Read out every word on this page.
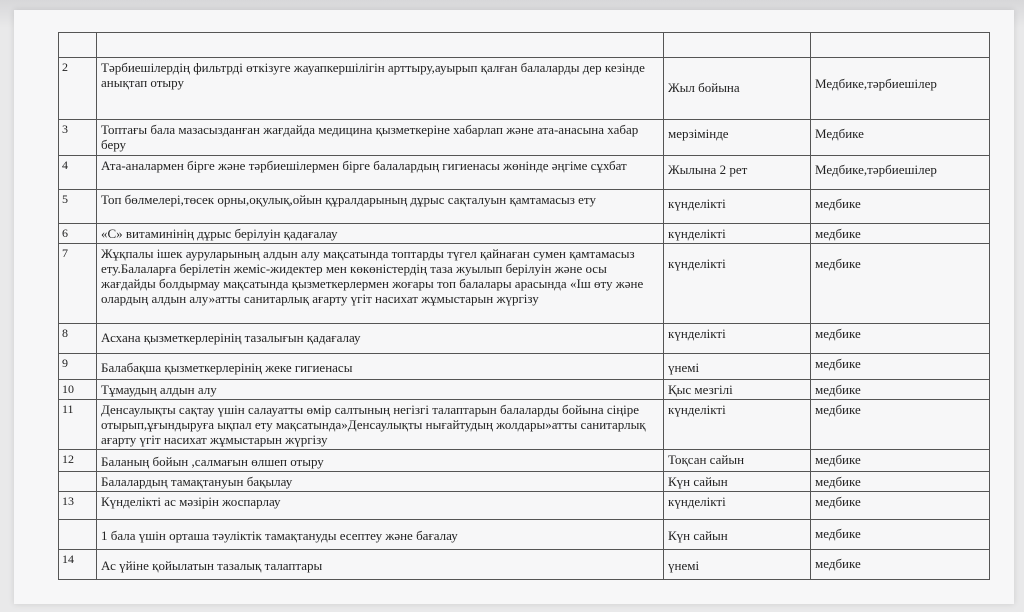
2	Тәрбиешілердің фильтрді өткізуге жауапкершілігін арттыру,ауырып қалған балаларды дер кезінде анықтап отыру	Жыл бойына	Медбике,тәрбиешілер
3	Топтағы бала мазасызданған жағдайда медицина қызметкеріне хабарлап және ата-анасына хабар беру	мерзімінде	Медбике
4	Ата-аналармен бірге және тәрбиешілермен бірге балалардың гигиенасы жөнінде әңгіме сұхбат	Жылына 2 рет	Медбике,тәрбиешілер
5	Топ бөлмелері,төсек орны,оқулық,ойын құралдарының дұрыс сақталуын қамтамасыз ету	күнделікті	медбике
6	«С» витаминінің дұрыс берілуін қадағалау	күнделікті	медбике
7	Жұқпалы ішек ауруларының алдын алу мақсатында топтарды түгел қайнаған сумен қамтамасыз ету.Балаларға берілетін жеміс-жидектер мен көкөністердің таза жуылып берілуін және осы жағдайды болдырмау мақсатында қызметкерлермен жоғары топ балалары арасында «Іш өту және олардың алдын алу»атты санитарлық ағарту үгіт насихат жұмыстарын жүргізу	күнделікті	медбике
8	Асхана қызметкерлерінің тазалығын қадағалау	күнделікті	медбике
9	Балабақша қызметкерлерінің жеке гигиенасы	үнемі	медбике
10	Тұмаудың алдын алу	Қыс мезгілі	медбике
11	Денсаулықты сақтау үшін салауатты өмір салтының негізгі талаптарын балаларды бойына сіңіре отырып,ұғындыруға ықпал ету мақсатында»Денсаулықты нығайтудың жолдары»атты санитарлық ағарту үгіт насихат жұмыстарын жүргізу	күнделікті	медбике
12	Баланың бойын ,салмағын өлшеп отыру	Тоқсан сайын	медбике
	Балалардың тамақтануын бақылау	Күн сайын	медбике
13	Күнделікті ас мәзірін жоспарлау	күнделікті	медбике
	1 бала үшін орташа тәуліктік тамақтануды есептеу және бағалау	Күн сайын	медбике
14	Ас үйіне қойылатын тазалық талаптары	үнемі	медбике
